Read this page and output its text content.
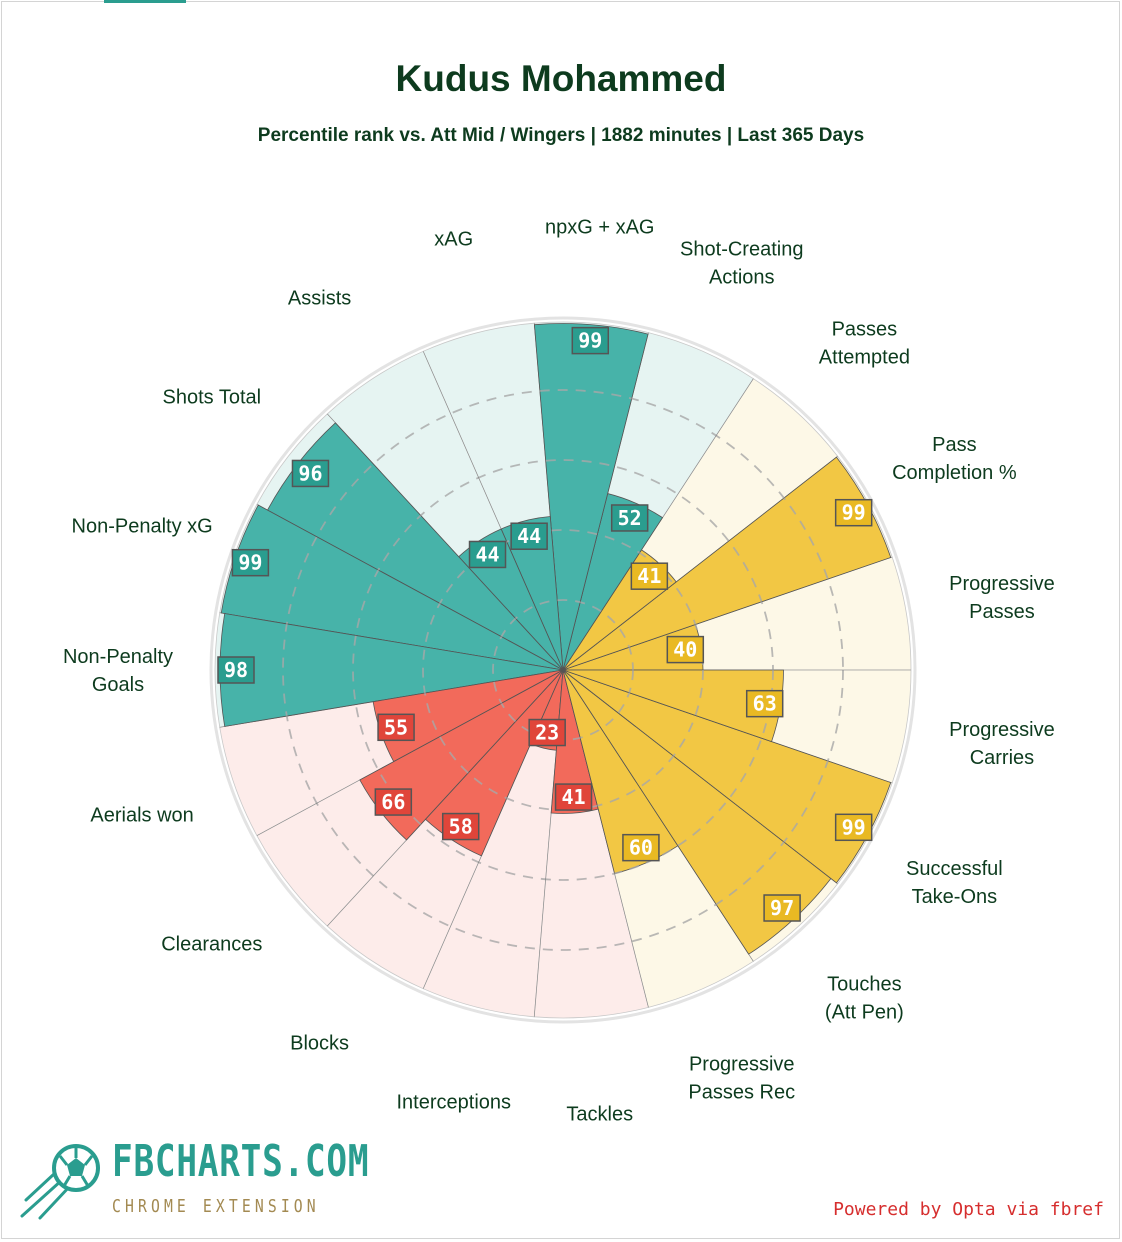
Kudus Mohammed
Percentile rank vs. Att Mid / Wingers | 1882 minutes | Last 365 Days
40
99
41
52
99
44
44
96
99
98
55
66
58
23
41
60
97
99
63
Progressive Passes
Pass Completion %
Passes Attempted
Shot-Creating Actions
npxG + xAG
xAG
Assists
Shots Total
Non-Penalty xG
Non-Penalty Goals
Aerials won
Clearances
Blocks
Interceptions
Tackles
Progressive Passes Rec
Touches (Att Pen)
Successful Take-Ons
Progressive Carries
FBCHARTS.COM
CHROME EXTENSION	Powered by Opta via fbref
